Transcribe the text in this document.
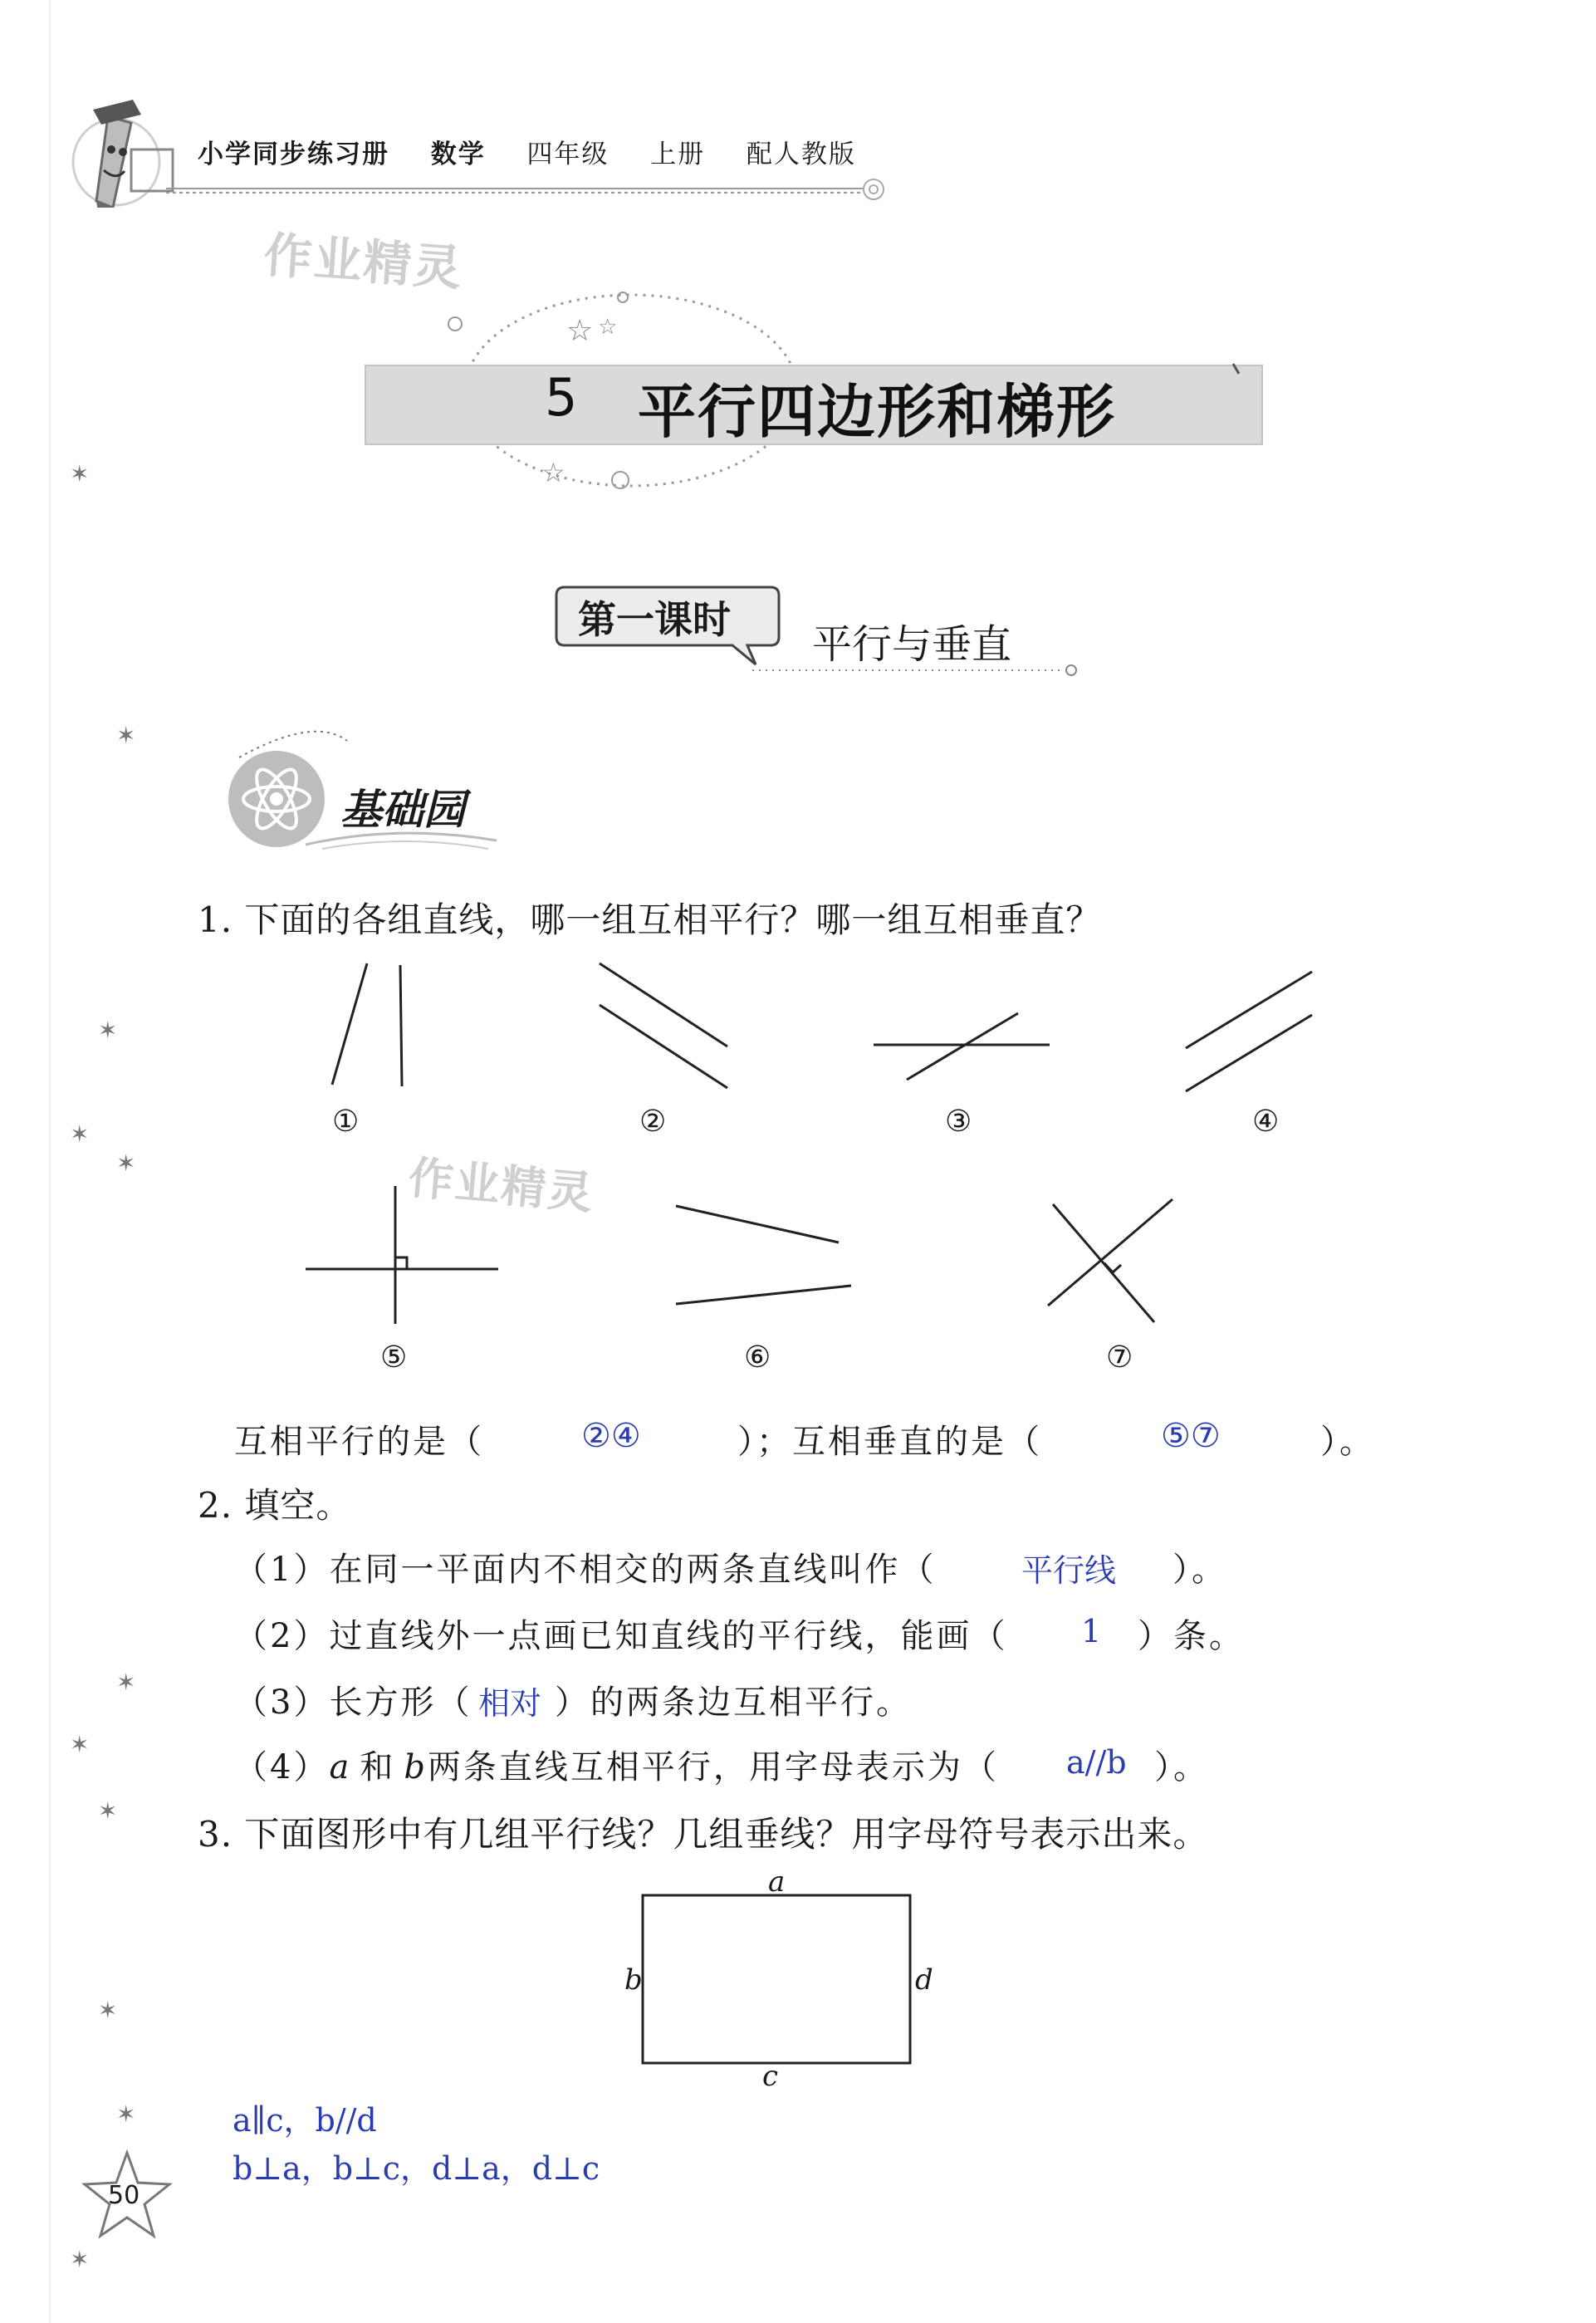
✶
✶
✶
✶
✶
✶
✶
✶
✶
✶
✶
小学同步练习册 数学 四年级 上册 配人教版
作业精灵
☆ ☆
☆
5 平行四边形和梯形
第一课时
平行与垂直
基础园
1. 下面的各组直线，哪一组互相平行？哪一组互相垂直？
①	②	③	④
⑤	⑥	⑦
作业精灵
互相平行的是（	②④	）；互相垂直的是（	⑤⑦	）。
2. 填空。
（1）在同一平面内不相交的两条直线叫作（	平行线 ）。
（2）过直线外一点画已知直线的平行线，能画（ 1 ）条。
（3）长方形（ 相对 ）的两条边互相平行。
（4）a 和 b两条直线互相平行，用字母表示为（ a//b ）。
3. 下面图形中有几组平行线？几组垂线？用字母符号表示出来。
a
b
c
d
a∥c，b//d
b⊥a，b⊥c，d⊥a，d⊥c
50
